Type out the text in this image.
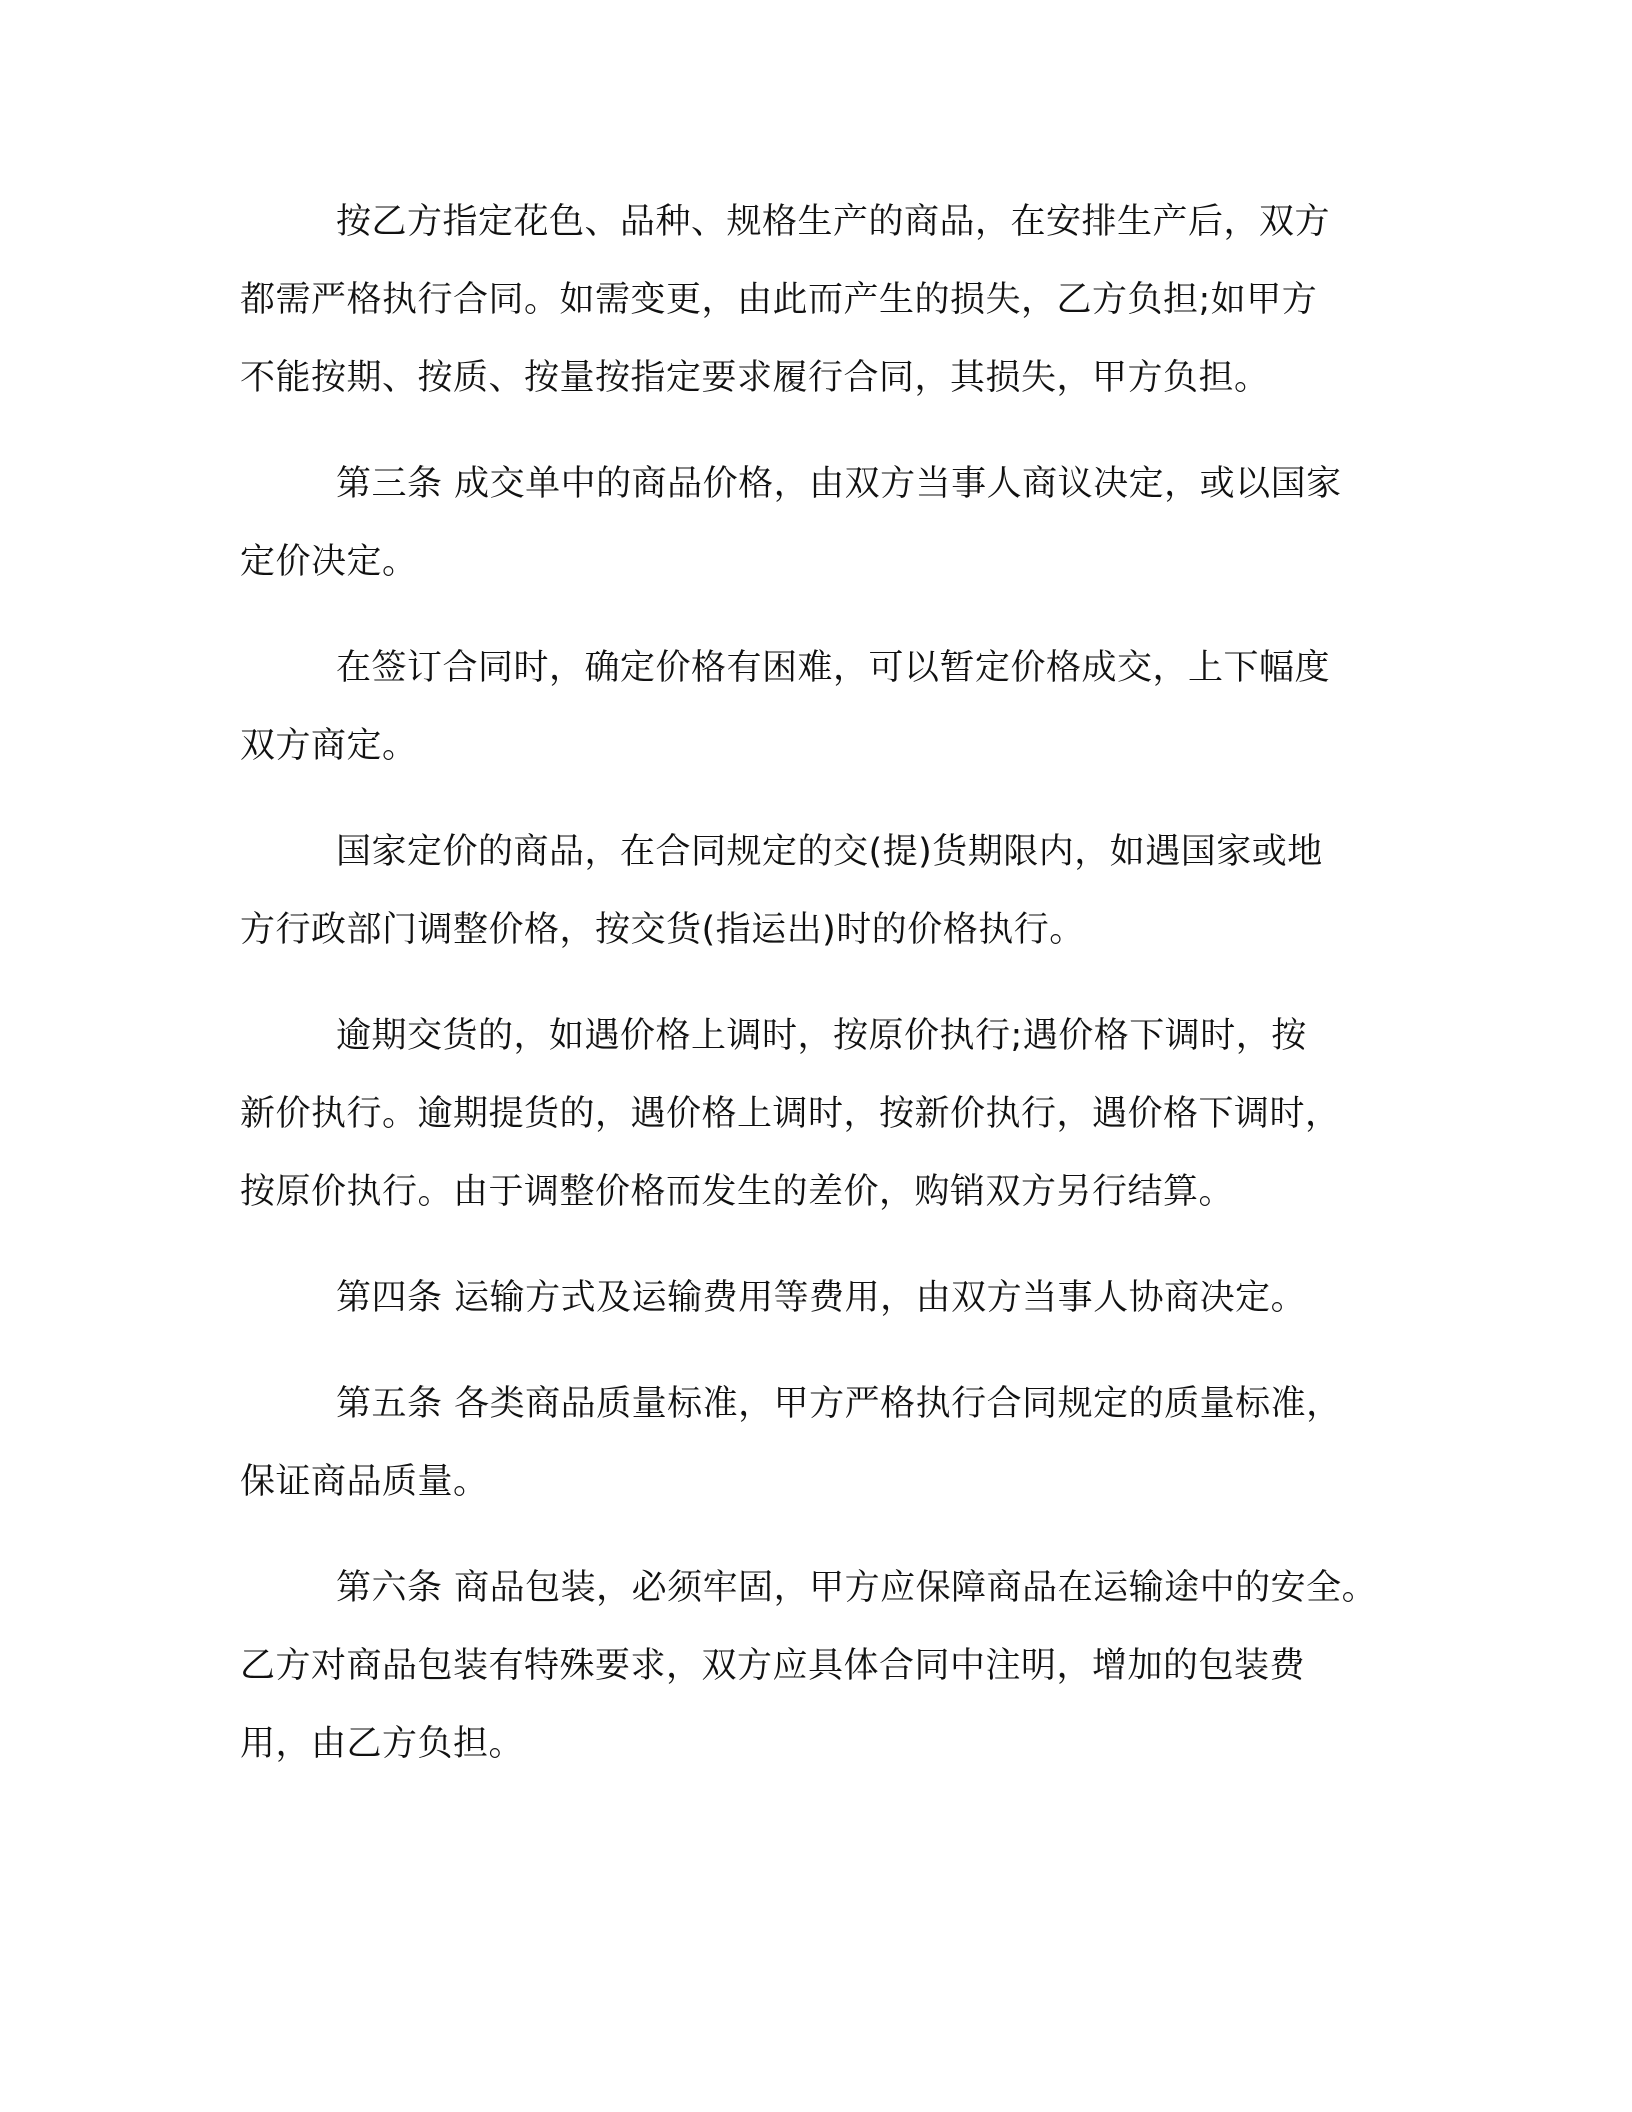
按乙方指定花色、品种、规格生产的商品，在安排生产后，双方
都需严格执行合同。如需变更，由此而产生的损失，乙方负担;如甲方
不能按期、按质、按量按指定要求履行合同，其损失，甲方负担。
第三条 成交单中的商品价格，由双方当事人商议决定，或以国家
定价决定。
在签订合同时，确定价格有困难，可以暂定价格成交，上下幅度
双方商定。
国家定价的商品，在合同规定的交(提)货期限内，如遇国家或地
方行政部门调整价格，按交货(指运出)时的价格执行。
逾期交货的，如遇价格上调时，按原价执行;遇价格下调时，按
新价执行。逾期提货的，遇价格上调时，按新价执行，遇价格下调时，
按原价执行。由于调整价格而发生的差价，购销双方另行结算。
第四条 运输方式及运输费用等费用，由双方当事人协商决定。
第五条 各类商品质量标准，甲方严格执行合同规定的质量标准，
保证商品质量。
第六条 商品包装，必须牢固，甲方应保障商品在运输途中的安全。
乙方对商品包装有特殊要求，双方应具体合同中注明，增加的包装费
用，由乙方负担。
